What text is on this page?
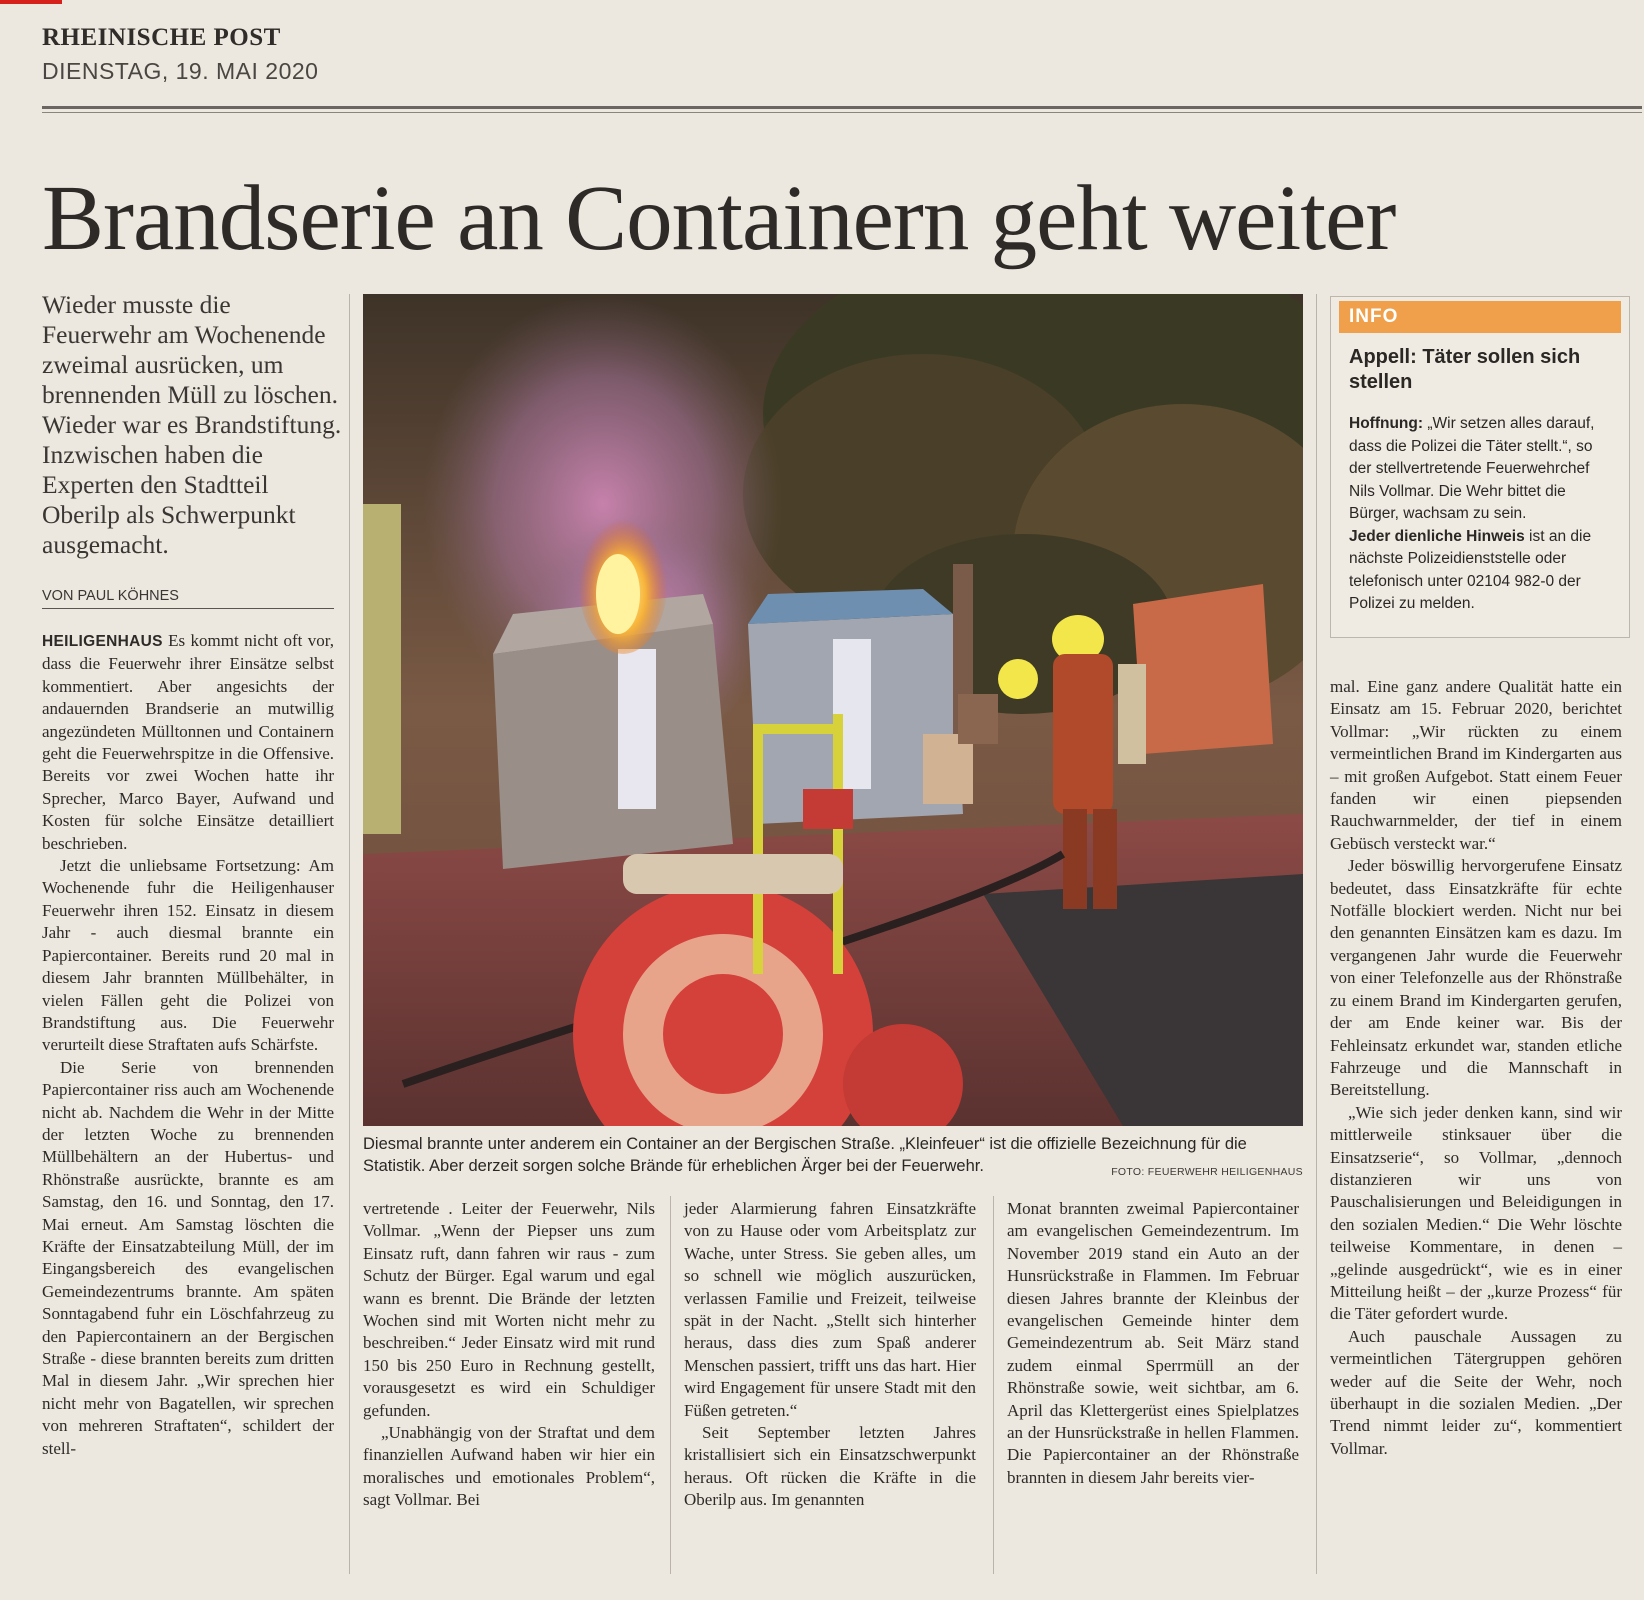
RHEINISCHE POST
DIENSTAG, 19. MAI 2020
Brandserie an Containern geht weiter
Wieder musste die Feuerwehr am Wochenende zweimal ausrücken, um brennenden Müll zu löschen. Wieder war es Brandstiftung. Inzwischen haben die Experten den Stadtteil Oberilp als Schwerpunkt ausgemacht.
VON PAUL KÖHNES

HEILIGENHAUS Es kommt nicht oft vor, dass die Feuerwehr ihrer Einsätze selbst kommentiert. Aber angesichts der andauernden Brandserie an mutwillig angezündeten Mülltonnen und Containern geht die Feuerwehrspitze in die Offensive. Bereits vor zwei Wochen hatte ihr Sprecher, Marco Bayer, Aufwand und Kosten für solche Einsätze detailliert beschrieben.

Jetzt die unliebsame Fortsetzung: Am Wochenende fuhr die Heiligenhauser Feuerwehr ihren 152. Einsatz in diesem Jahr - auch diesmal brannte ein Papiercontainer. Bereits rund 20 mal in diesem Jahr brannten Müllbehälter, in vielen Fällen geht die Polizei von Brandstiftung aus. Die Feuerwehr verurteilt diese Straftaten aufs Schärfste.

Die Serie von brennenden Papiercontainer riss auch am Wochenende nicht ab. Nachdem die Wehr in der Mitte der letzten Woche zu brennenden Müllbehältern an der Hubertus- und Rhönstraße ausrückte, brannte es am Samstag, den 16. und Sonntag, den 17. Mai erneut. Am Samstag löschten die Kräfte der Einsatzabteilung Müll, der im Eingangsbereich des evangelischen Gemeindezentrums brannte. Am späten Sonntagabend fuhr ein Löschfahrzeug zu den Papiercontainern an der Bergischen Straße - diese brannten bereits zum dritten Mal in diesem Jahr. „Wir sprechen hier nicht mehr von Bagatellen, wir sprechen von mehreren Straftaten“, schildert der stell-

Diesmal brannte unter anderem ein Container an der Bergischen Straße. „Kleinfeuer“ ist die offizielle Bezeichnung für die Statistik. Aber derzeit sorgen solche Brände für erheblichen Ärger bei der Feuerwehr.	FOTO: FEUERWEHR HEILIGENHAUS
INFO
Appell: Täter sollen sich stellen

Hoffnung: „Wir setzen alles darauf, dass die Polizei die Täter stellt.“, so der stellvertretende Feuerwehrchef Nils Vollmar. Die Wehr bittet die Bürger, wachsam zu sein.

Jeder dienliche Hinweis ist an die nächste Polizeidienststelle oder telefonisch unter 02104 982-0 der Polizei zu melden.

mal. Eine ganz andere Qualität hatte ein Einsatz am 15. Februar 2020, berichtet Vollmar: „Wir rückten zu einem vermeintlichen Brand im Kindergarten aus – mit großen Aufgebot. Statt einem Feuer fanden wir einen piepsenden Rauchwarnmelder, der tief in einem Gebüsch versteckt war.“

Jeder böswillig hervorgerufene Einsatz bedeutet, dass Einsatzkräfte für echte Notfälle blockiert werden. Nicht nur bei den genannten Einsätzen kam es dazu. Im vergangenen Jahr wurde die Feuerwehr von einer Telefonzelle aus der Rhönstraße zu einem Brand im Kindergarten gerufen, der am Ende keiner war. Bis der Fehleinsatz erkundet war, standen etliche Fahrzeuge und die Mannschaft in Bereitstellung.

„Wie sich jeder denken kann, sind wir mittlerweile stinksauer über die Einsatzserie“, so Vollmar, „dennoch distanzieren wir uns von Pauschalisierungen und Beleidigungen in den sozialen Medien.“ Die Wehr löschte teilweise Kommentare, in denen – „gelinde ausgedrückt“, wie es in einer Mitteilung heißt – der „kurze Prozess“ für die Täter gefordert wurde.

Auch pauschale Aussagen zu vermeintlichen Tätergruppen gehören weder auf die Seite der Wehr, noch überhaupt in die sozialen Medien. „Der Trend nimmt leider zu“, kommentiert Vollmar.

vertretende . Leiter der Feuerwehr, Nils Vollmar. „Wenn der Piepser uns zum Einsatz ruft, dann fahren wir raus - zum Schutz der Bürger. Egal warum und egal wann es brennt. Die Brände der letzten Wochen sind mit Worten nicht mehr zu beschreiben.“ Jeder Einsatz wird mit rund 150 bis 250 Euro in Rechnung gestellt, vorausgesetzt es wird ein Schuldiger gefunden.

„Unabhängig von der Straftat und dem finanziellen Aufwand haben wir hier ein moralisches und emotionales Problem“, sagt Vollmar. Bei

jeder Alarmierung fahren Einsatzkräfte von zu Hause oder vom Arbeitsplatz zur Wache, unter Stress. Sie geben alles, um so schnell wie möglich auszurücken, verlassen Familie und Freizeit, teilweise spät in der Nacht. „Stellt sich hinterher heraus, dass dies zum Spaß anderer Menschen passiert, trifft uns das hart. Hier wird Engagement für unsere Stadt mit den Füßen getreten.“

Seit September letzten Jahres kristallisiert sich ein Einsatzschwerpunkt heraus. Oft rücken die Kräfte in die Oberilp aus. Im genannten

Monat brannten zweimal Papiercontainer am evangelischen Gemeindezentrum. Im November 2019 stand ein Auto an der Hunsrückstraße in Flammen. Im Februar diesen Jahres brannte der Kleinbus der evangelischen Gemeinde hinter dem Gemeindezentrum ab. Seit März stand zudem einmal Sperrmüll an der Rhönstraße sowie, weit sichtbar, am 6. April das Klettergerüst eines Spielplatzes an der Hunsrückstraße in hellen Flammen. Die Papiercontainer an der Rhönstraße brannten in diesem Jahr bereits vier-
